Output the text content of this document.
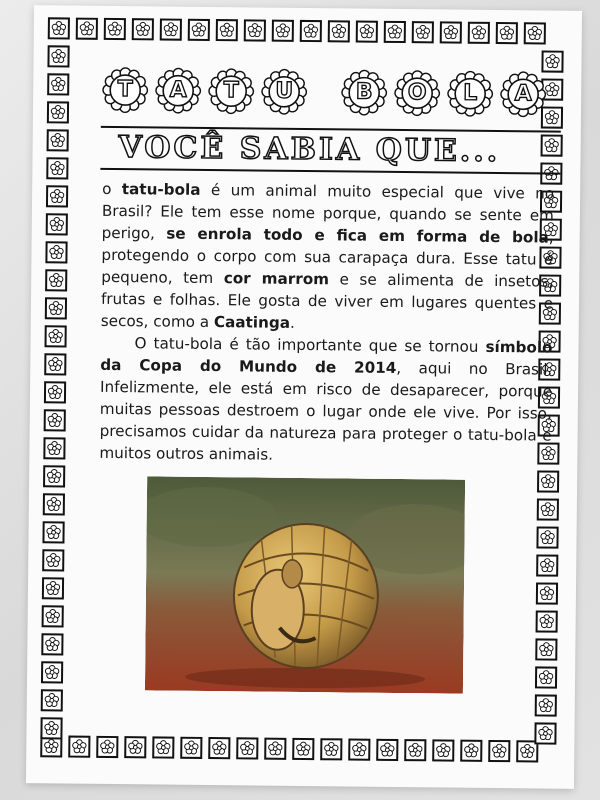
T	A	T	U	B	O	L	A
VOCÊ SABIA QUE...

o tatu-bola é um animal muito especial que vive no Brasil? Ele tem esse nome porque, quando se sente em perigo, se enrola todo e fica em forma de bola, protegendo o corpo com sua carapaça dura. Esse tatu é pequeno, tem cor marrom e se alimenta de insetos, frutas e folhas. Ele gosta de viver em lugares quentes e secos, como a Caatinga.

O tatu-bola é tão importante que se tornou símbolo da Copa do Mundo de 2014, aqui no Brasil. Infelizmente, ele está em risco de desaparecer, porque muitas pessoas destroem o lugar onde ele vive. Por isso, precisamos cuidar da natureza para proteger o tatu-bola e muitos outros animais.
